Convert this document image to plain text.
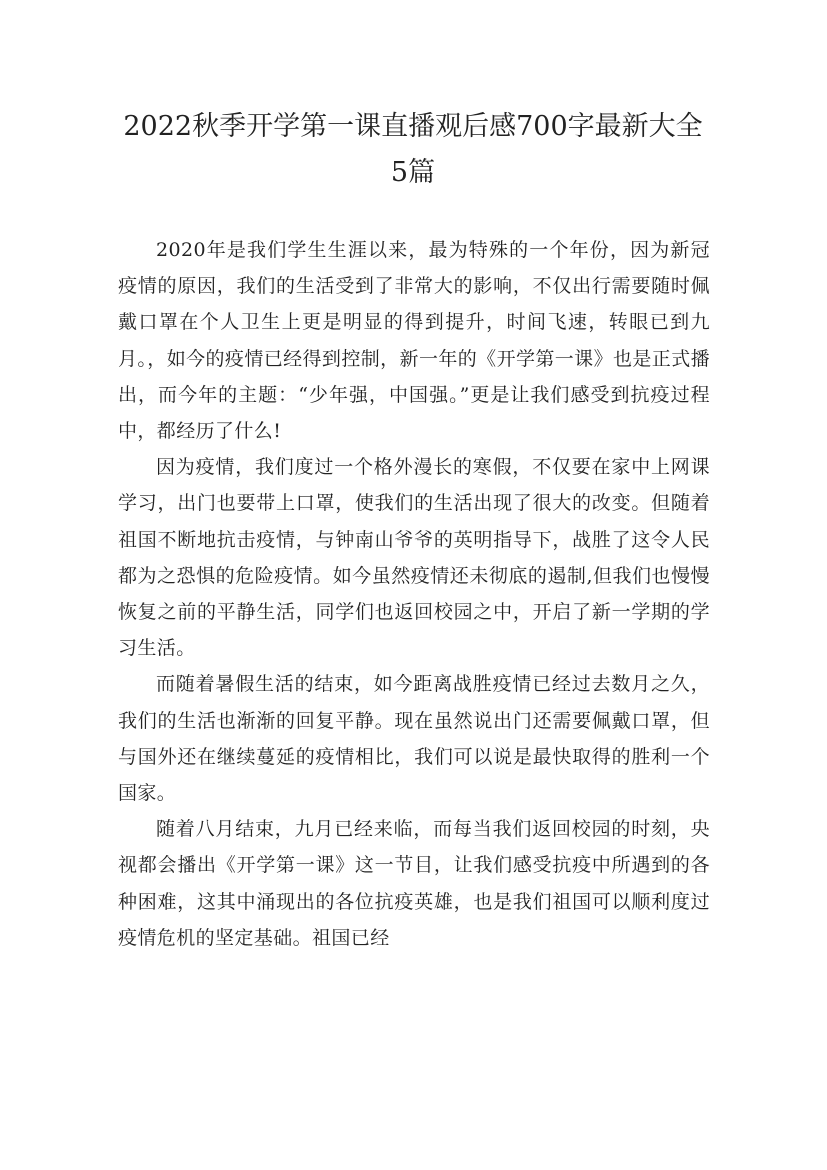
2022秋季开学第一课直播观后感700字最新大全5篇

2020年是我们学生生涯以来，最为特殊的一个年份，因为新冠疫情的原因，我们的生活受到了非常大的影响，不仅出行需要随时佩戴口罩在个人卫生上更是明显的得到提升，时间飞速，转眼已到九月。，如今的疫情已经得到控制，新一年的《开学第一课》也是正式播出，而今年的主题：“少年强，中国强。”更是让我们感受到抗疫过程中，都经历了什么!

因为疫情，我们度过一个格外漫长的寒假，不仅要在家中上网课学习，出门也要带上口罩，使我们的生活出现了很大的改变。但随着祖国不断地抗击疫情，与钟南山爷爷的英明指导下，战胜了这令人民都为之恐惧的危险疫情。如今虽然疫情还未彻底的遏制,但我们也慢慢恢复之前的平静生活，同学们也返回校园之中，开启了新一学期的学习生活。

而随着暑假生活的结束，如今距离战胜疫情已经过去数月之久，我们的生活也渐渐的回复平静。现在虽然说出门还需要佩戴口罩，但与国外还在继续蔓延的疫情相比，我们可以说是最快取得的胜利一个国家。

随着八月结束，九月已经来临，而每当我们返回校园的时刻，央视都会播出《开学第一课》这一节目，让我们感受抗疫中所遇到的各种困难，这其中涌现出的各位抗疫英雄，也是我们祖国可以顺利度过疫情危机的坚定基础。祖国已经
